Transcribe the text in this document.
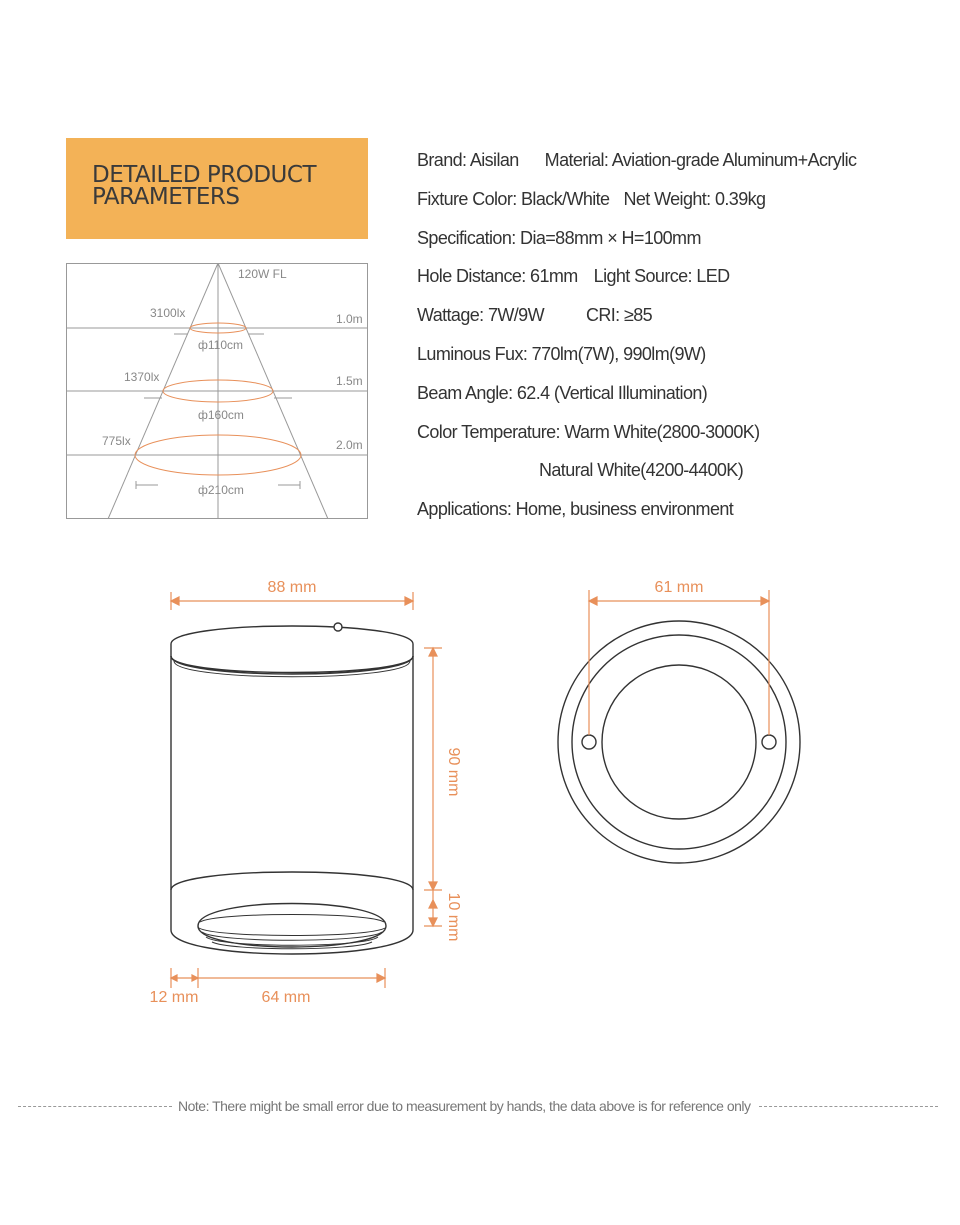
DETAILED PRODUCT PARAMETERS
120W FL
3100lx
ф110cm
1.0m
1370lx
ф160cm
1.5m
775lx
ф210cm
2.0m
Brand: Aisilan Material: Aviation-grade Aluminum+Acrylic
Fixture Color: Black/White Net Weight: 0.39kg
Specification: Dia=88mm × H=100mm
Hole Distance: 61mm Light Source: LED
Wattage: 7W/9W CRI: ≥85
Luminous Fux: 770lm(7W), 990lm(9W)
Beam Angle: 62.4 (Vertical Illumination)
Color Temperature: Warm White(2800-3000K)
Natural White(4200-4400K)
Applications: Home, business environment
88 mm
90 mm
10 mm
12 mm	64 mm
61 mm
Note: There might be small error due to measurement by hands, the data above is for reference only
